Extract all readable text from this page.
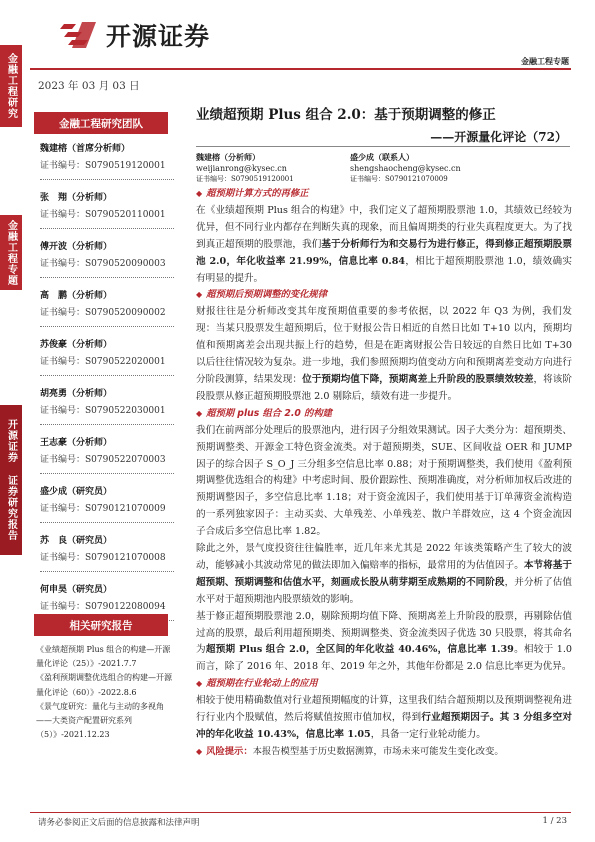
金融工程研究
金融工程专题
开源证券 证券研究报告
开源证券
金融工程专题
2023 年 03 月 03 日
金融工程研究团队
魏建榕（首席分析师）
证书编号：S0790519120001
张　翔（分析师）
证书编号：S0790520110001
傅开波（分析师）
证书编号：S0790520090003
高　鹏（分析师）
证书编号：S0790520090002
苏俊豪（分析师）
证书编号：S0790522020001
胡亮勇（分析师）
证书编号：S0790522030001
王志豪（分析师）
证书编号：S0790522070003
盛少成（研究员）
证书编号：S0790121070009
苏　良（研究员）
证书编号：S0790121070008
何申昊（研究员）
证书编号：S0790122080094
相关研究报告
《业绩超预期 Plus 组合的构建—开源量化评论（25）》-2021.7.7
《盈利预期调整优选组合的构建—开源量化评论（60）》-2022.8.6
《景气度研究：量化与主动的多视角——大类资产配置研究系列（5）》-2021.12.23
业绩超预期 Plus 组合 2.0：基于预期调整的修正
——开源量化评论（72）
魏建榕（分析师）
weijianrong@kysec.cn
证书编号：S0790519120001
盛少成（联系人）
shengshaocheng@kysec.cn
证书编号：S0790121070009
◆ 超预期计算方式的再修正
在《业绩超预期 Plus 组合的构建》中，我们定义了超预期股票池 1.0，其绩效已经较为优异，但不同行业内都存在判断失真的现象，而且偏周期类的行业失真程度更大。为了找到真正超预期的股票池，我们基于分析师行为和交易行为进行修正，得到修正超预期股票池 2.0，年化收益率 21.99%，信息比率 0.84，相比于超预期股票池 1.0，绩效确实有明显的提升。
◆ 超预期后预期调整的变化规律
财报往往是分析师改变其年度预期值重要的参考依据，以 2022 年 Q3 为例，我们发现：当某只股票发生超预期后，位于财报公告日相近的自然日比如 T+10 以内，预期均值和预期离差会出现共振上行的趋势，但是在距离财报公告日较远的自然日比如 T+30 以后往往情况较为复杂。进一步地，我们参照预期均值变动方向和预期离差变动方向进行分阶段测算，结果发现：位于预期均值下降，预期离差上升阶段的股票绩效较差，将该阶段股票从修正超预期股票池 2.0 剔除后，绩效有进一步提升。
◆ 超预期 plus 组合 2.0 的构建
我们在前两部分处理后的股票池内，进行因子分组效果测试。因子大类分为：超预期类、预期调整类、开源金工特色资金流类。对于超预期类，SUE、区间收益 OER 和 JUMP 因子的综合因子 S_O_J 三分组多空信息比率 0.88；对于预期调整类，我们使用《盈利预期调整优选组合的构建》中考虑时间、股价跟踪性、预期准确度，对分析师加权后改进的预期调整因子，多空信息比率 1.18；对于资金流因子，我们使用基于订单薄资金流构造的一系列独家因子：主动买卖、大单残差、小单残差、散户羊群效应，这 4 个资金流因子合成后多空信息比率 1.82。
除此之外，景气度投资往往偏胜率，近几年来尤其是 2022 年该类策略产生了较大的波动，能够减小其波动常见的做法即加入偏赔率的指标，最常用的为估值因子。本节将基于超预期、预期调整和估值水平，刻画成长股从萌芽期至成熟期的不同阶段，并分析了估值水平对于超预期池内股票绩效的影响。
基于修正超预期股票池 2.0，剔除预期均值下降、预期离差上升阶段的股票，再剔除估值过高的股票，最后利用超预期类、预期调整类、资金流类因子优选 30 只股票，将其命名为超预期 Plus 组合 2.0，全区间的年化收益 40.46%，信息比率 1.39。相较于 1.0 而言，除了 2016 年、2018 年、2019 年之外，其他年份都是 2.0 信息比率更为优异。
◆ 超预期在行业轮动上的应用
相较于使用精确数值对行业超预期幅度的计算，这里我们结合超预期以及预期调整视角进行行业内个股赋值，然后将赋值按照市值加权，得到行业超预期因子。其 3 分组多空对冲的年化收益 10.43%，信息比率 1.05，具备一定行业轮动能力。
◆ 风险提示：本报告模型基于历史数据测算，市场未来可能发生变化改变。
请务必参阅正文后面的信息披露和法律声明	1 / 23
